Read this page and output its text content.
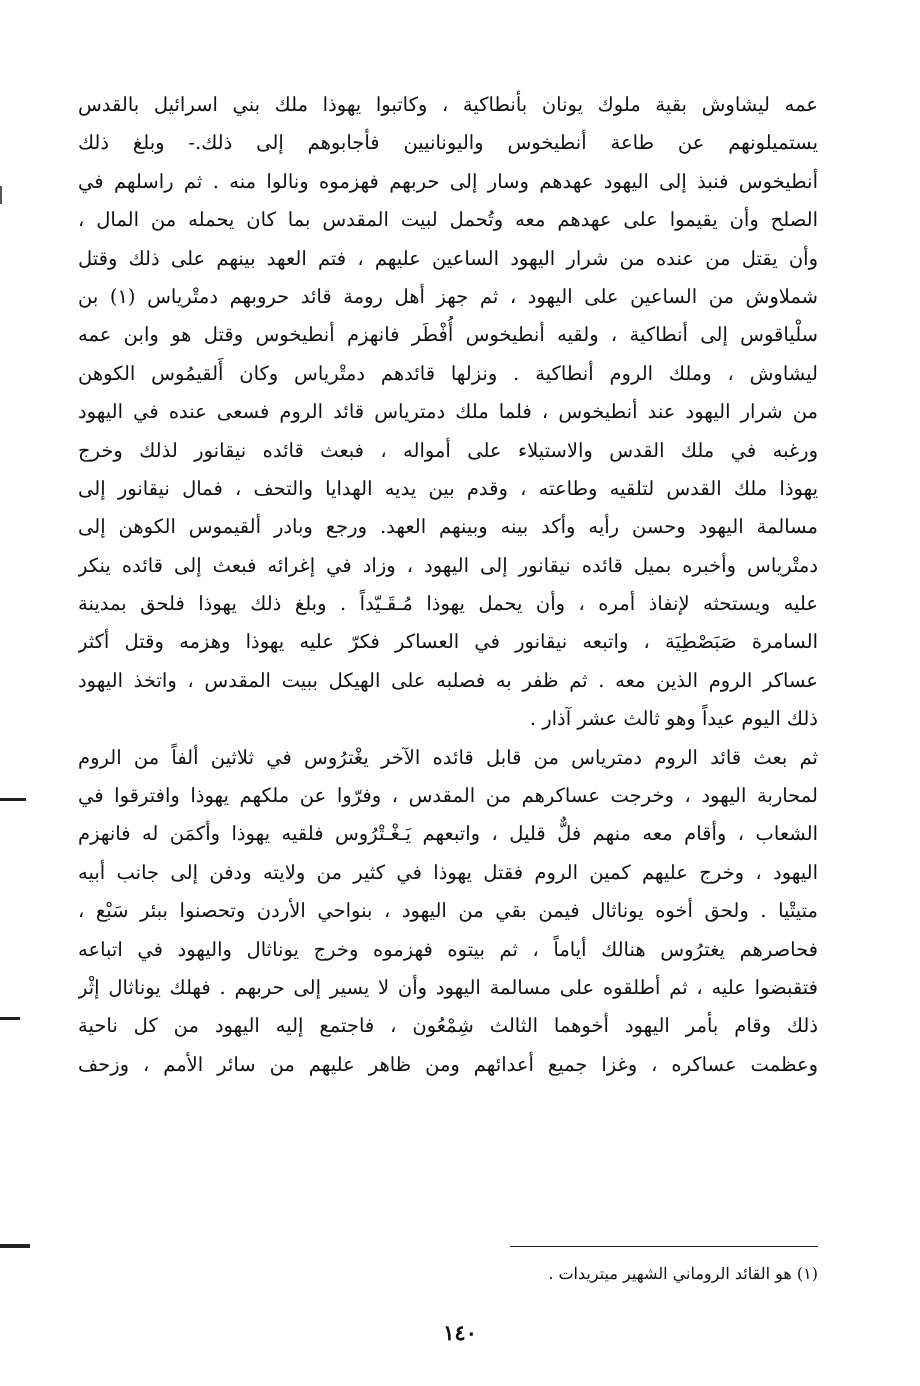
عمه ليشاوش بقية ملوك يونان بأنطاكية ، وكاتبوا يهوذا ملك بني اسرائيل بالقدس
يستميلونهم عن طاعة أنطيخوس واليونانيين فأجابوهم إلى ذلك.- وبلغ ذلك
أنطيخوس فنبذ إلى اليهود عهدهم وسار إلى حربهم فهزموه ونالوا منه . ثم راسلهم في
الصلح وأن يقيموا على عهدهم معه وتُحمل لبيت المقدس بما كان يحمله من المال ،
وأن يقتل من عنده من شرار اليهود الساعين عليهم ، فتم العهد بينهم على ذلك وقتل
شملاوش من الساعين على اليهود ، ثم جهز أهل رومة قائد حروبهم دمتْرياس (١) بن
سلْياقوس إلى أنطاكية ، ولقيه أنطيخوس أُفْطَر فانهزم أنطيخوس وقتل هو وابن عمه
ليشاوش ، وملك الروم أنطاكية . ونزلها قائدهم دمتْرياس وكان أَلقيمُوس الكوهن
من شرار اليهود عند أنطيخوس ، فلما ملك دمترياس قائد الروم فسعى عنده في اليهود
ورغبه في ملك القدس والاستيلاء على أمواله ، فبعث قائده نيقانور لذلك وخرج
يهوذا ملك القدس لتلقيه وطاعته ، وقدم بين يديه الهدايا والتحف ، فمال نيقانور إلى
مسالمة اليهود وحسن رأيه وأكد بينه وبينهم العهد. ورجع وبادر ألقيموس الكوهن إلى
دمتْرياس وأخبره بميل قائده نيقانور إلى اليهود ، وزاد في إغرائه فبعث إلى قائده ينكر
عليه ويستحثه لإنفاذ أمره ، وأن يحمل يهوذا مُـقَـيّداً . وبلغ ذلك يهوذا فلحق بمدينة
السامرة صَبَصْطِيَة ، واتبعه نيقانور في العساكر فكرّ عليه يهوذا وهزمه وقتل أكثر
عساكر الروم الذين معه . ثم ظفر به فصلبه على الهيكل ببيت المقدس ، واتخذ اليهود
ذلك اليوم عيداً وهو ثالث عشر آذار .
ثم بعث قائد الروم دمترياس من قابل قائده الآخر يغْترُوس في ثلاثين ألفاً من الروم
لمحاربة اليهود ، وخرجت عساكرهم من المقدس ، وفرّوا عن ملكهم يهوذا وافترقوا في
الشعاب ، وأقام معه منهم فلٌّ قليل ، واتبعهم يَـغْـتْرُوس فلقيه يهوذا وأكمَن له فانهزم
اليهود ، وخرج عليهم كمين الروم فقتل يهوذا في كثير من ولايته ودفن إلى جانب أبيه
متيتْيا . ولحق أخوه يوناثال فيمن بقي من اليهود ، بنواحي الأردن وتحصنوا ببئر سَبْع ،
فحاصرهم يغترُوس هنالك أياماً ، ثم بيتوه فهزموه وخرج يوناثال واليهود في اتباعه
فتقبضوا عليه ، ثم أطلقوه على مسالمة اليهود وأن لا يسير إلى حربهم . فهلك يوناثال إثْر
ذلك وقام بأمر اليهود أخوهما الثالث شِمْعُون ، فاجتمع إليه اليهود من كل ناحية
وعظمت عساكره ، وغزا جميع أعدائهم ومن ظاهر عليهم من سائر الأمم ، وزحف
(١) هو القائد الروماني الشهير ميتريدات .
١٤٠
